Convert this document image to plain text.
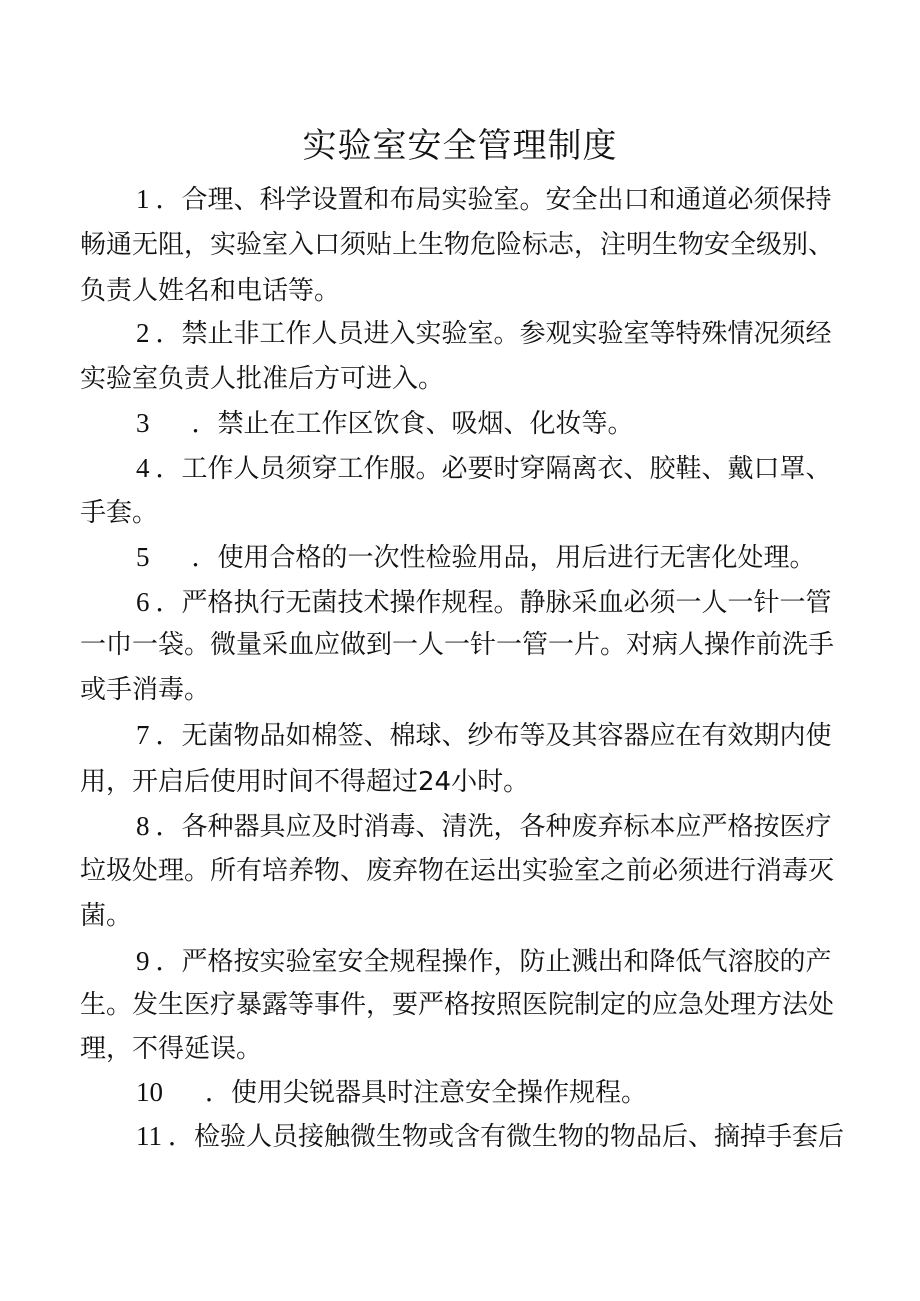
实验室安全管理制度
1 ．合理、科学设置和布局实验室。安全出口和通道必须保持
畅通无阻，实验室入口须贴上生物危险标志，注明生物安全级别、
负责人姓名和电话等。
2 ．禁止非工作人员进入实验室。参观实验室等特殊情况须经
实验室负责人批准后方可进入。
3 ．禁止在工作区饮食、吸烟、化妆等。
4 ．工作人员须穿工作服。必要时穿隔离衣、胶鞋、戴口罩、
手套。
5 ．使用合格的一次性检验用品，用后进行无害化处理。
6 ．严格执行无菌技术操作规程。静脉采血必须一人一针一管
一巾一袋。微量采血应做到一人一针一管一片。对病人操作前洗手
或手消毒。
7 ．无菌物品如棉签、棉球、纱布等及其容器应在有效期内使
用，开启后使用时间不得超过24小时。
8 ．各种器具应及时消毒、清洗，各种废弃标本应严格按医疗
垃圾处理。所有培养物、废弃物在运出实验室之前必须进行消毒灭
菌。
9 ．严格按实验室安全规程操作，防止溅出和降低气溶胶的产
生。发生医疗暴露等事件，要严格按照医院制定的应急处理方法处
理，不得延误。
10 ．使用尖锐器具时注意安全操作规程。
11 ．检验人员接触微生物或含有微生物的物品后、摘掉手套后
